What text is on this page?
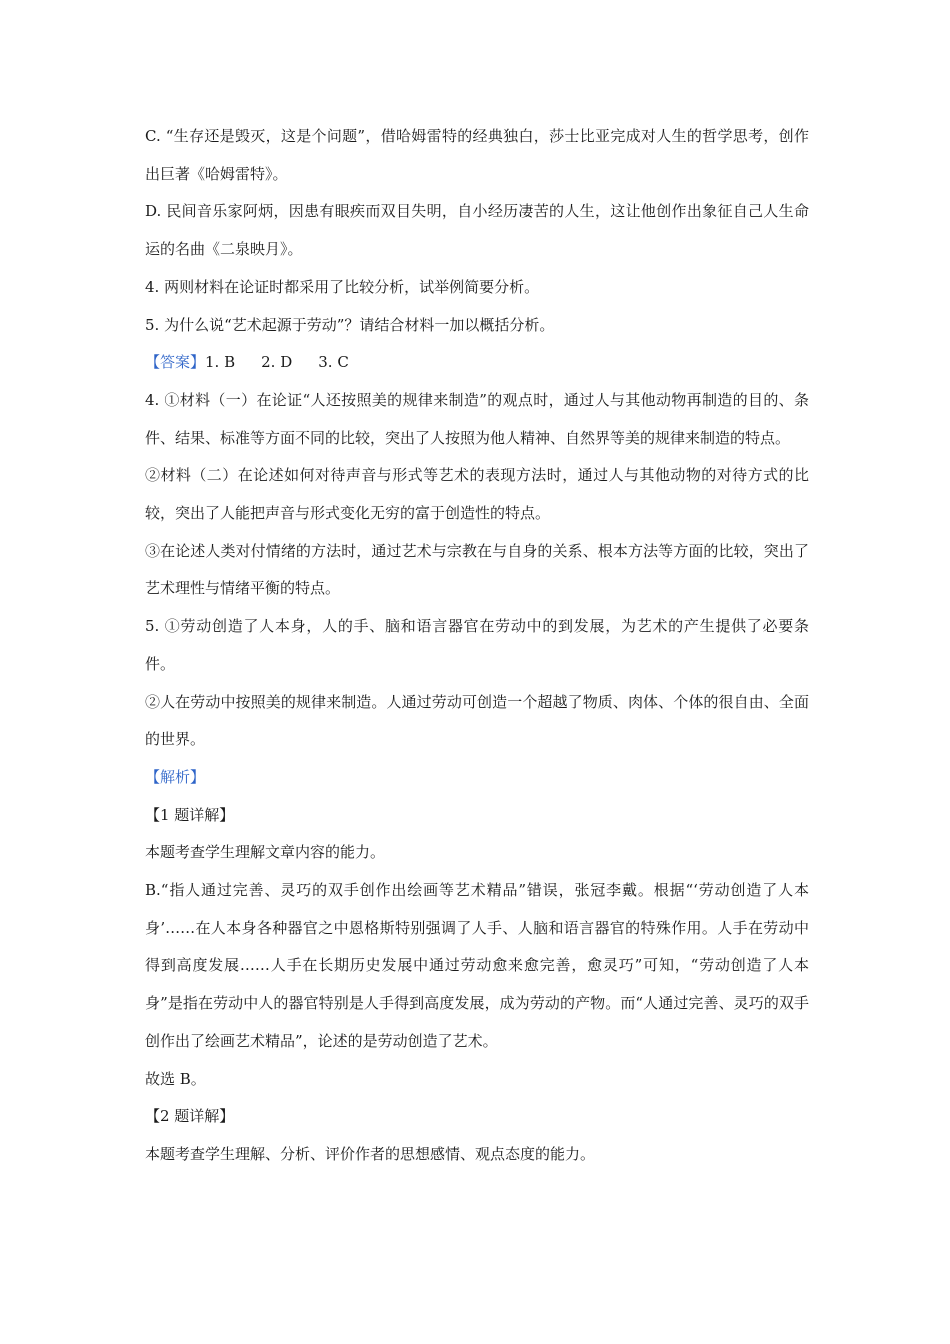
C. “生存还是毁灭，这是个问题”，借哈姆雷特的经典独白，莎士比亚完成对人生的哲学思考，创作出巨著《哈姆雷特》。

D. 民间音乐家阿炳，因患有眼疾而双目失明，自小经历凄苦的人生，这让他创作出象征自己人生命运的名曲《二泉映月》。

4. 两则材料在论证时都采用了比较分析，试举例简要分析。

5. 为什么说“艺术起源于劳动”？请结合材料一加以概括分析。

【答案】1. B 2. D 3. C

4. ①材料（一）在论证“人还按照美的规律来制造”的观点时，通过人与其他动物再制造的目的、条件、结果、标准等方面不同的比较，突出了人按照为他人精神、自然界等美的规律来制造的特点。

②材料（二）在论述如何对待声音与形式等艺术的表现方法时，通过人与其他动物的对待方式的比较，突出了人能把声音与形式变化无穷的富于创造性的特点。

③在论述人类对付情绪的方法时，通过艺术与宗教在与自身的关系、根本方法等方面的比较，突出了艺术理性与情绪平衡的特点。

5. ①劳动创造了人本身，人的手、脑和语言器官在劳动中的到发展，为艺术的产生提供了必要条件。

②人在劳动中按照美的规律来制造。人通过劳动可创造一个超越了物质、肉体、个体的很自由、全面的世界。

【解析】

【1 题详解】

本题考查学生理解文章内容的能力。

B.“指人通过完善、灵巧的双手创作出绘画等艺术精品”错误，张冠李戴。根据“‘劳动创造了人本身’……在人本身各种器官之中恩格斯特别强调了人手、人脑和语言器官的特殊作用。人手在劳动中得到高度发展……人手在长期历史发展中通过劳动愈来愈完善，愈灵巧”可知，“劳动创造了人本身”是指在劳动中人的器官特别是人手得到高度发展，成为劳动的产物。而“人通过完善、灵巧的双手创作出了绘画艺术精品”，论述的是劳动创造了艺术。

故选 B。

【2 题详解】

本题考查学生理解、分析、评价作者的思想感情、观点态度的能力。
